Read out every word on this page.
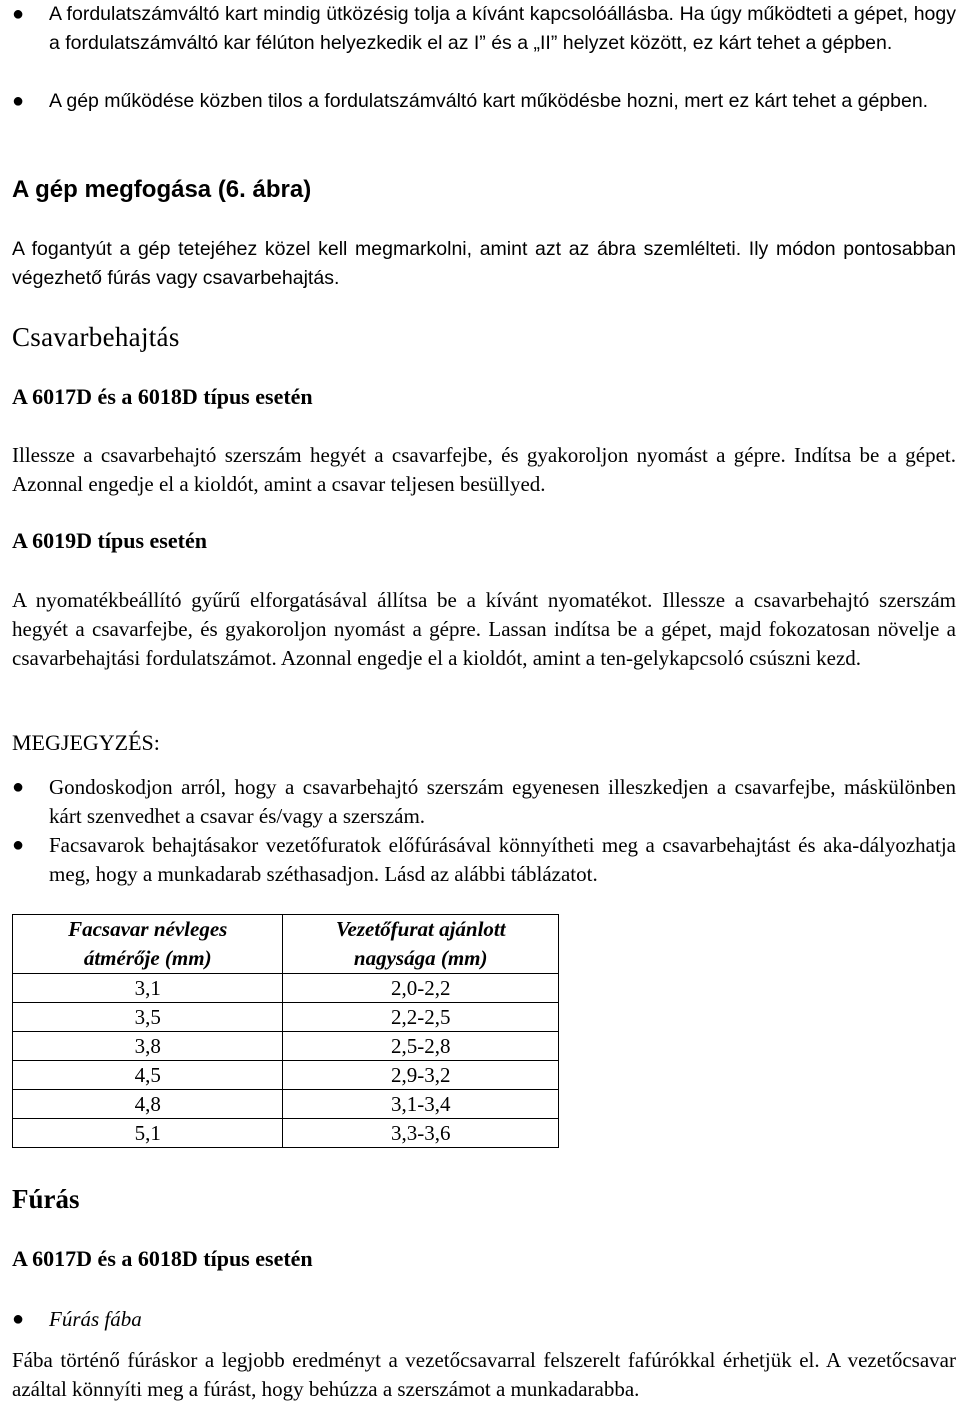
●	A fordulatszámváltó kart mindig ütközésig tolja a kívánt kapcsolóállásba. Ha úgy működteti a gépet, hogy a fordulatszámváltó kar félúton helyezkedik el az I” és a „II” helyzet között, ez kárt tehet a gépben.
●	A gép működése közben tilos a fordulatszámváltó kart működésbe hozni, mert ez kárt tehet a gépben.
A gép megfogása (6. ábra)
A fogantyút a gép tetejéhez közel kell megmarkolni, amint azt az ábra szemlélteti. Ily módon pontosabban végezhető fúrás vagy csavarbehajtás.
Csavarbehajtás
A 6017D és a 6018D típus esetén
Illessze a csavarbehajtó szerszám hegyét a csavarfejbe, és gyakoroljon nyomást a gépre. Indítsa be a gépet. Azonnal engedje el a kioldót, amint a csavar teljesen besüllyed.
A 6019D típus esetén
A nyomatékbeállító gyűrű elforgatásával állítsa be a kívánt nyomatékot. Illessze a csavarbehajtó szerszám hegyét a csavarfejbe, és gyakoroljon nyomást a gépre. Lassan indítsa be a gépet, majd fokozatosan növelje a csavarbehajtási fordulatszámot. Azonnal engedje el a kioldót, amint a ten-gelykapcsoló csúszni kezd.
MEGJEGYZÉS:
●	Gondoskodjon arról, hogy a csavarbehajtó szerszám egyenesen illeszkedjen a csavarfejbe, máskülönben kárt szenvedhet a csavar és/vagy a szerszám.
●	Facsavarok behajtásakor vezetőfuratok előfúrásával könnyítheti meg a csavarbehajtást és aka-dályozhatja meg, hogy a munkadarab széthasadjon. Lásd az alábbi táblázatot.
Facsavar névleges
átmérője (mm)	Vezetőfurat ajánlott
nagysága (mm)
3,1	2,0-2,2
3,5	2,2-2,5
3,8	2,5-2,8
4,5	2,9-3,2
4,8	3,1-3,4
5,1	3,3-3,6
Fúrás
A 6017D és a 6018D típus esetén
●	Fúrás fába
Fába történő fúráskor a legjobb eredményt a vezetőcsavarral felszerelt fafúrókkal érhetjük el. A vezetőcsavar azáltal könnyíti meg a fúrást, hogy behúzza a szerszámot a munkadarabba.
